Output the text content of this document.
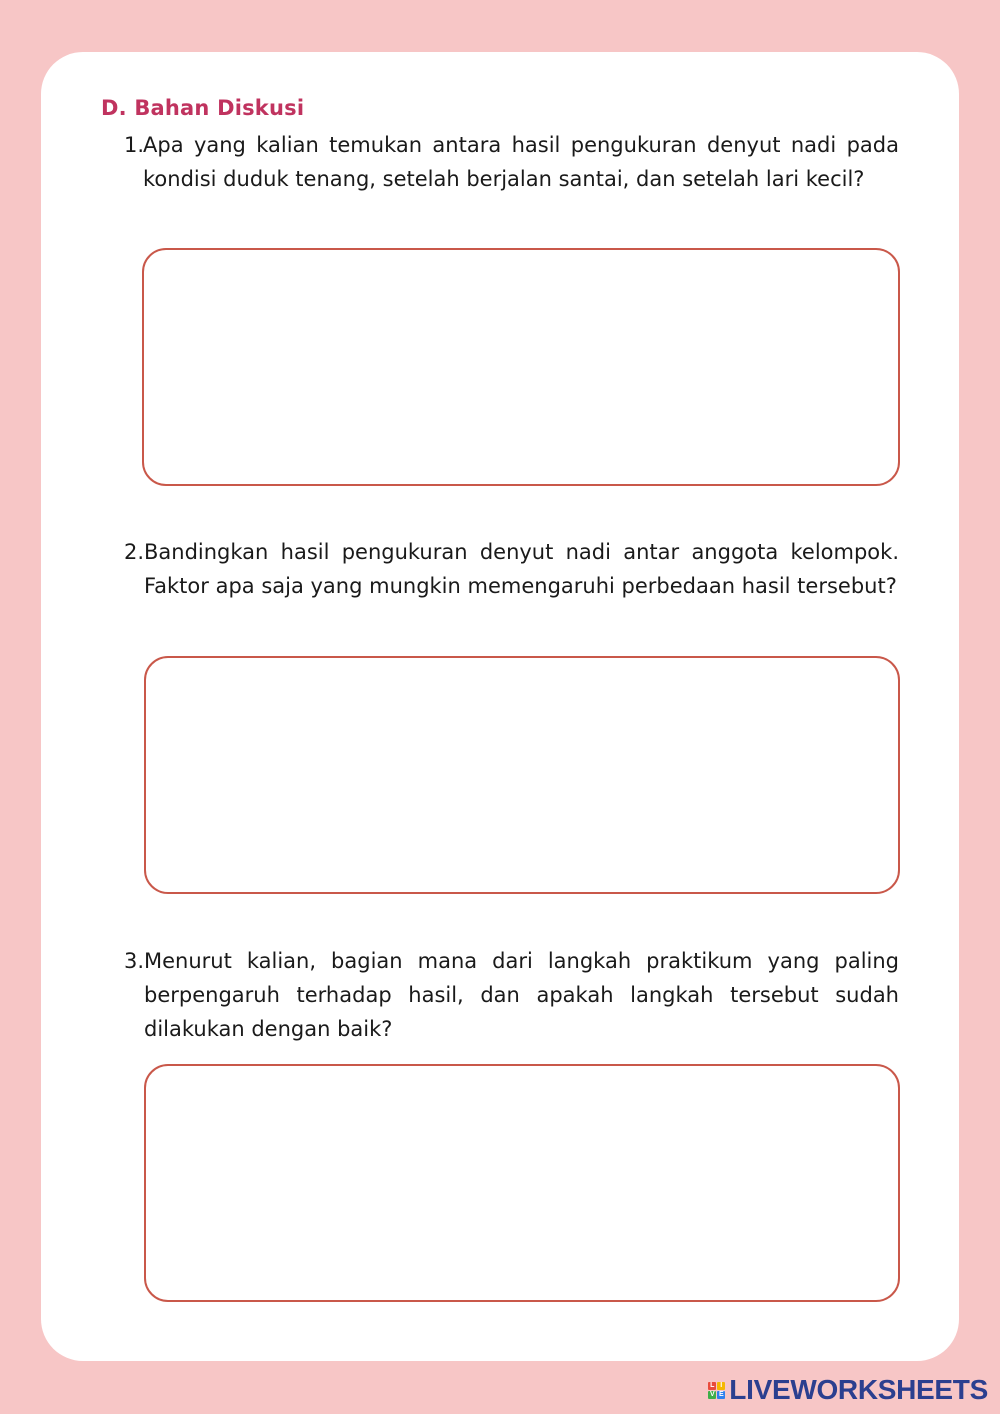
D. Bahan Diskusi
1.
Apa yang kalian temukan antara hasil pengukuran denyut nadi pada kondisi duduk tenang, setelah berjalan santai, dan setelah lari kecil?
2. Bandingkan hasil pengukuran denyut nadi antar anggota kelompok. Faktor apa saja yang mungkin memengaruhi perbedaan hasil tersebut?
3. Menurut kalian, bagian mana dari langkah praktikum yang paling berpengaruh terhadap hasil, dan apakah langkah tersebut sudah dilakukan dengan baik?
L I
V E LIVEWORKSHEETS
